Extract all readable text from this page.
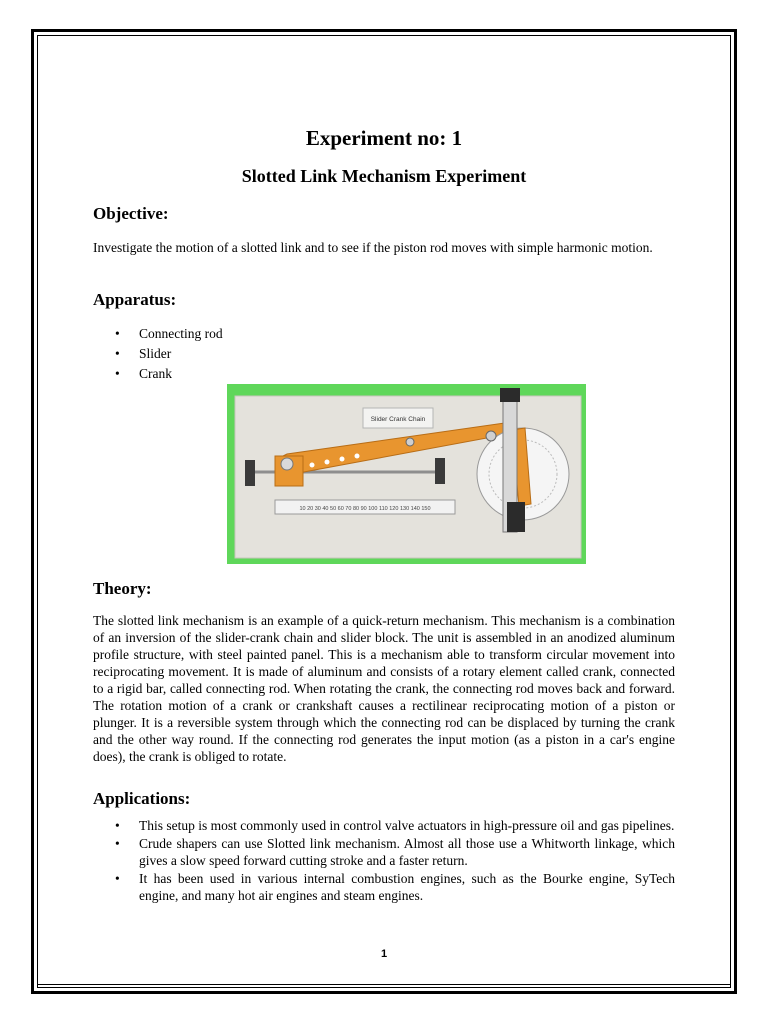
Experiment no: 1
Slotted Link Mechanism Experiment
Objective:

Investigate the motion of a slotted link and to see if the piston rod moves with simple harmonic motion.

Apparatus:
• Connecting rod
• Slider
• Crank
Theory:

The slotted link mechanism is an example of a quick-return mechanism. This mechanism is a combination of an inversion of the slider-crank chain and slider block. The unit is assembled in an anodized aluminum profile structure, with steel painted panel. This is a mechanism able to transform circular movement into reciprocating movement. It is made of aluminum and consists of a rotary element called crank, connected to a rigid bar, called connecting rod. When rotating the crank, the connecting rod moves back and forward. The rotation motion of a crank or crankshaft causes a rectilinear reciprocating motion of a piston or plunger. It is a reversible system through which the connecting rod can be displaced by turning the crank and the other way round. If the connecting rod generates the input motion (as a piston in a car's engine does), the crank is obliged to rotate.

Applications:
• This setup is most commonly used in control valve actuators in high-pressure oil and gas pipelines.
• Crude shapers can use Slotted link mechanism. Almost all those use a Whitworth linkage, which gives a slow speed forward cutting stroke and a faster return.
• It has been used in various internal combustion engines, such as the Bourke engine, SyTech engine, and many hot air engines and steam engines.
Slider Crank Chain
10 20 30 40 50 60 70 80 90 100 110 120 130 140 150
1
